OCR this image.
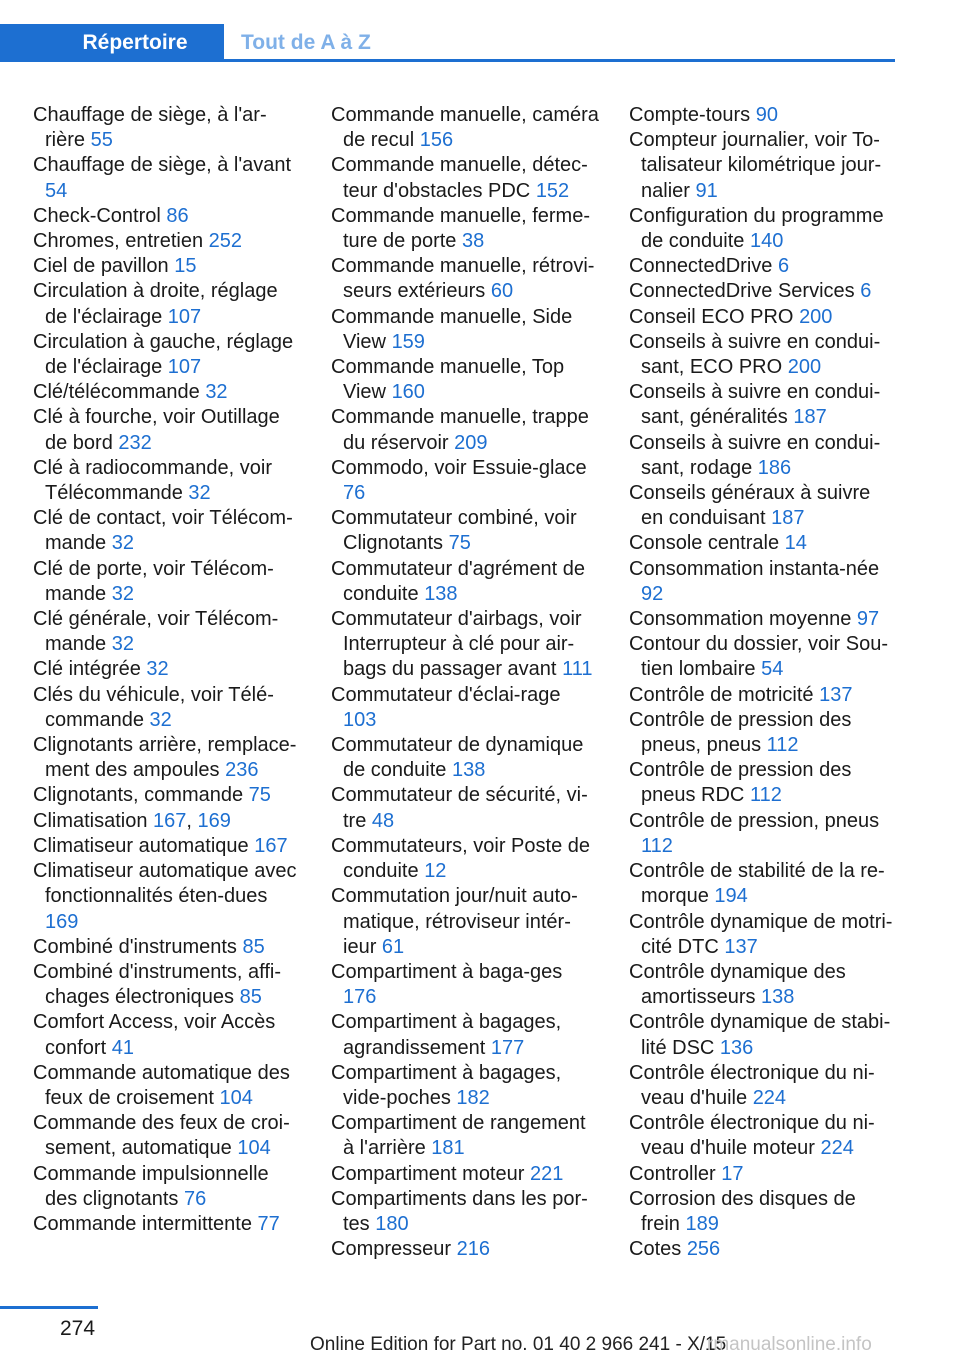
Répertoire	Tout de A à Z

Chauffage de siège, à l'ar-rière 55

Chauffage de siège, à l'avant 54

Check-Control 86

Chromes, entretien 252

Ciel de pavillon 15

Circulation à droite, réglage de l'éclairage 107

Circulation à gauche, réglage de l'éclairage 107

Clé/télécommande 32

Clé à fourche, voir Outillage de bord 232

Clé à radiocommande, voir Télécommande 32

Clé de contact, voir Télécom-mande 32

Clé de porte, voir Télécom-mande 32

Clé générale, voir Télécom-mande 32

Clé intégrée 32

Clés du véhicule, voir Télé-commande 32

Clignotants arrière, remplace-ment des ampoules 236

Clignotants, commande 75

Climatisation 167, 169

Climatiseur automatique 167

Climatiseur automatique avec fonctionnalités éten-dues 169

Combiné d'instruments 85

Combiné d'instruments, affi-chages électroniques 85

Comfort Access, voir Accès confort 41

Commande automatique des feux de croisement 104

Commande des feux de croi-sement, automatique 104

Commande impulsionnelle des clignotants 76

Commande intermittente 77

Commande manuelle, caméra de recul 156

Commande manuelle, détec-teur d'obstacles PDC 152

Commande manuelle, ferme-ture de porte 38

Commande manuelle, rétrovi-seurs extérieurs 60

Commande manuelle, Side View 159

Commande manuelle, Top View 160

Commande manuelle, trappe du réservoir 209

Commodo, voir Essuie-glace 76

Commutateur combiné, voir Clignotants 75

Commutateur d'agrément de conduite 138

Commutateur d'airbags, voir Interrupteur à clé pour air-bags du passager avant 111

Commutateur d'éclai-rage 103

Commutateur de dynamique de conduite 138

Commutateur de sécurité, vi-tre 48

Commutateurs, voir Poste de conduite 12

Commutation jour/nuit auto-matique, rétroviseur intér-ieur 61

Compartiment à baga-ges 176

Compartiment à bagages, agrandissement 177

Compartiment à bagages, vide-poches 182

Compartiment de rangement à l'arrière 181

Compartiment moteur 221

Compartiments dans les por-tes 180

Compresseur 216

Compte-tours 90

Compteur journalier, voir To-talisateur kilométrique jour-nalier 91

Configuration du programme de conduite 140

ConnectedDrive 6

ConnectedDrive Services 6

Conseil ECO PRO 200

Conseils à suivre en condui-sant, ECO PRO 200

Conseils à suivre en condui-sant, généralités 187

Conseils à suivre en condui-sant, rodage 186

Conseils généraux à suivre en conduisant 187

Console centrale 14

Consommation instanta-née 92

Consommation moyenne 97

Contour du dossier, voir Sou-tien lombaire 54

Contrôle de motricité 137

Contrôle de pression des pneus, pneus 112

Contrôle de pression des pneus RDC 112

Contrôle de pression, pneus 112

Contrôle de stabilité de la re-morque 194

Contrôle dynamique de motri-cité DTC 137

Contrôle dynamique des amortisseurs 138

Contrôle dynamique de stabi-lité DSC 136

Contrôle électronique du ni-veau d'huile 224

Contrôle électronique du ni-veau d'huile moteur 224

Controller 17

Corrosion des disques de frein 189

Cotes 256

274
Online Edition for Part no. 01 40 2 966 241 - X/15
rmanualsonline.info
